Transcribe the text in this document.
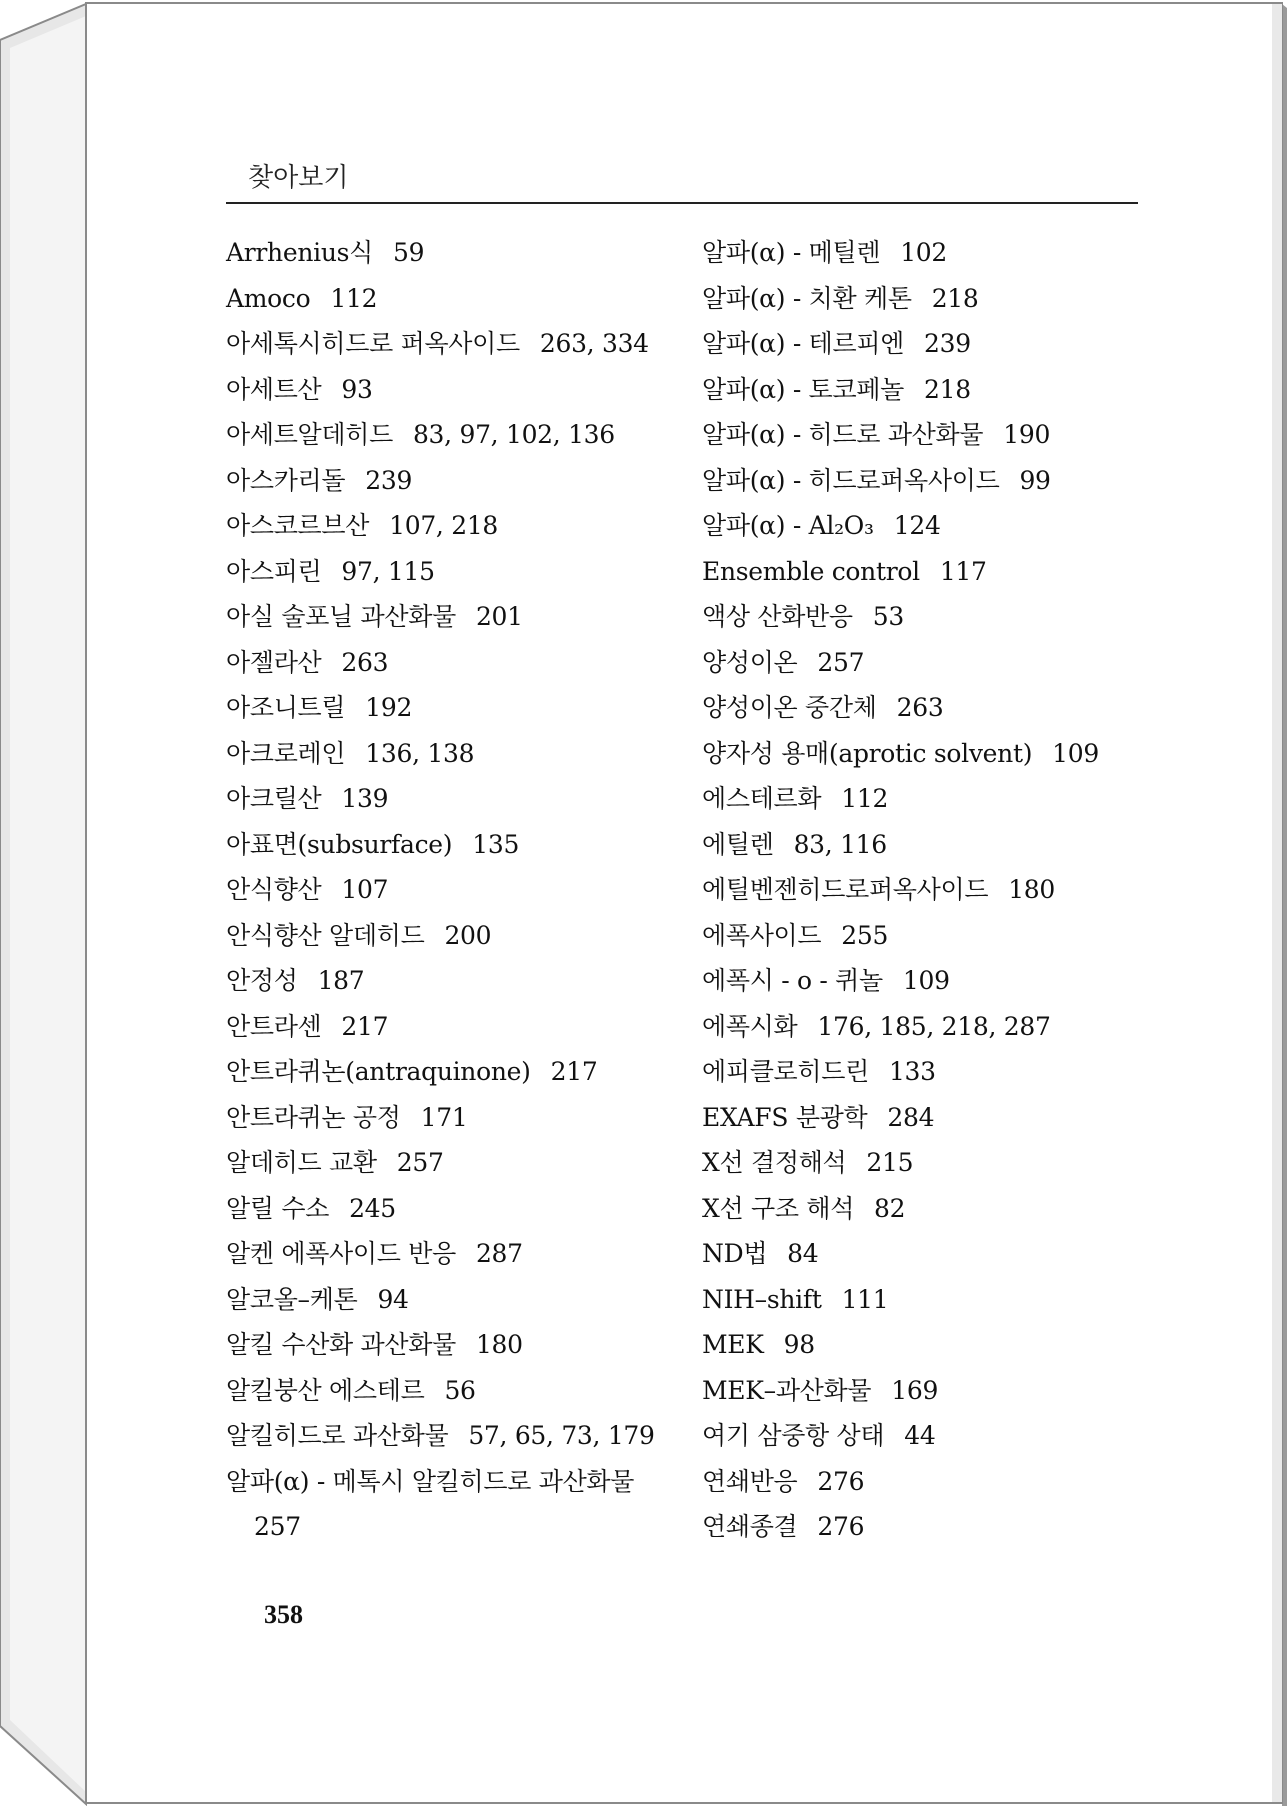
찾아보기
Arrhenius식 59
Amoco 112
아세톡시히드로 퍼옥사이드 263, 334
아세트산 93
아세트알데히드 83, 97, 102, 136
아스카리돌 239
아스코르브산 107, 218
아스피린 97, 115
아실 술포닐 과산화물 201
아젤라산 263
아조니트릴 192
아크로레인 136, 138
아크릴산 139
아표면(subsurface) 135
안식향산 107
안식향산 알데히드 200
안정성 187
안트라센 217
안트라퀴논(antraquinone) 217
안트라퀴논 공정 171
알데히드 교환 257
알릴 수소 245
알켄 에폭사이드 반응 287
알코올–케톤 94
알킬 수산화 과산화물 180
알킬붕산 에스테르 56
알킬히드로 과산화물 57, 65, 73, 179
알파(α) - 메톡시 알킬히드로 과산화물
257
알파(α) - 메틸렌 102
알파(α) - 치환 케톤 218
알파(α) - 테르피엔 239
알파(α) - 토코페놀 218
알파(α) - 히드로 과산화물 190
알파(α) - 히드로퍼옥사이드 99
알파(α) - Al₂O₃ 124
Ensemble control 117
액상 산화반응 53
양성이온 257
양성이온 중간체 263
양자성 용매(aprotic solvent) 109
에스테르화 112
에틸렌 83, 116
에틸벤젠히드로퍼옥사이드 180
에폭사이드 255
에폭시 - o - 퀴놀 109
에폭시화 176, 185, 218, 287
에피클로히드린 133
EXAFS 분광학 284
X선 결정해석 215
X선 구조 해석 82
ND법 84
NIH–shift 111
MEK 98
MEK–과산화물 169
여기 삼중항 상태 44
연쇄반응 276
연쇄종결 276
358
